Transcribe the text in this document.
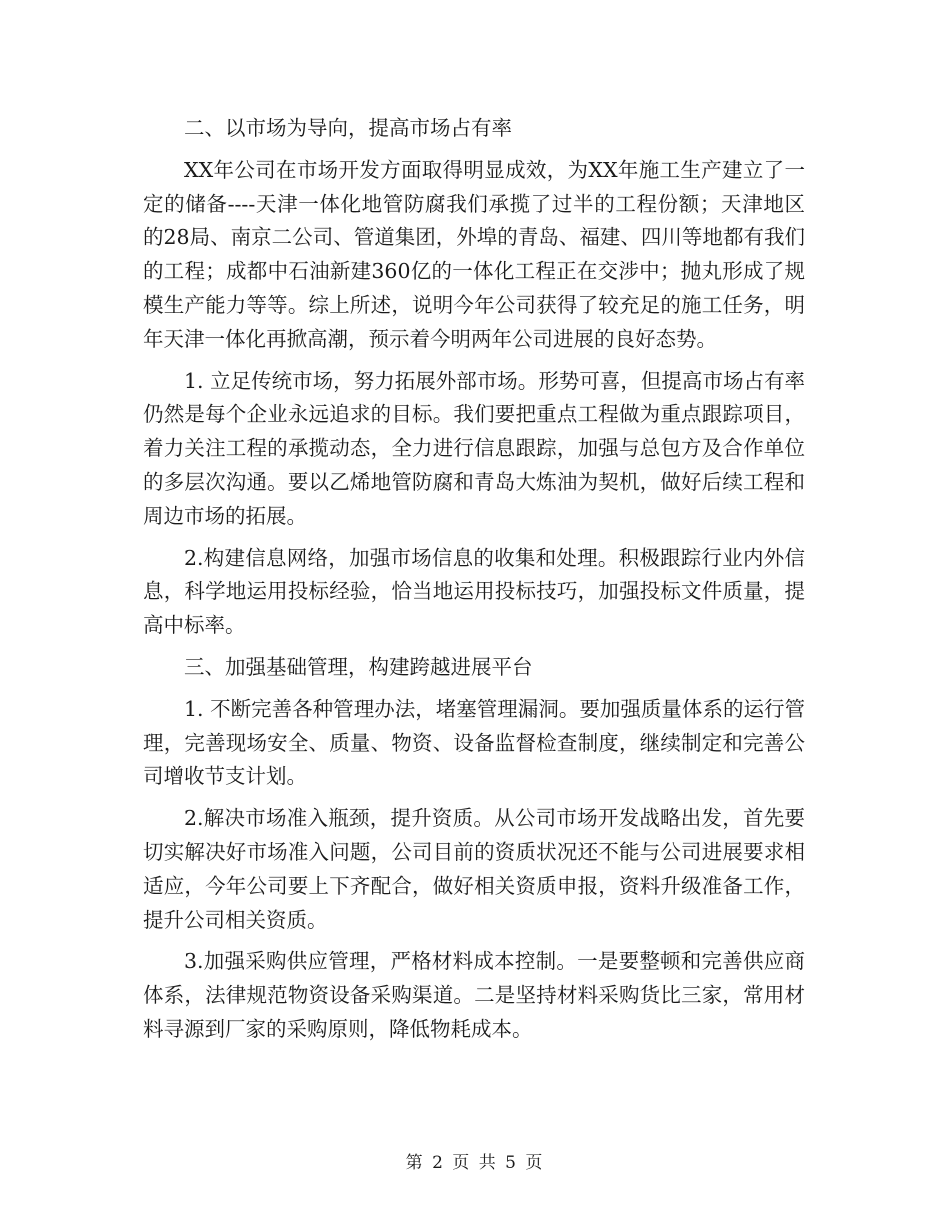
二、以市场为导向，提高市场占有率

XX年公司在市场开发方面取得明显成效，为XX年施工生产建立了一定的储备----天津一体化地管防腐我们承揽了过半的工程份额；天津地区的28局、南京二公司、管道集团，外埠的青岛、福建、四川等地都有我们的工程；成都中石油新建360亿的一体化工程正在交涉中；抛丸形成了规模生产能力等等。综上所述，说明今年公司获得了较充足的施工任务，明年天津一体化再掀高潮，预示着今明两年公司进展的良好态势。

1. 立足传统市场，努力拓展外部市场。形势可喜，但提高市场占有率仍然是每个企业永远追求的目标。我们要把重点工程做为重点跟踪项目，着力关注工程的承揽动态，全力进行信息跟踪，加强与总包方及合作单位的多层次沟通。要以乙烯地管防腐和青岛大炼油为契机，做好后续工程和周边市场的拓展。

2.构建信息网络，加强市场信息的收集和处理。积极跟踪行业内外信息，科学地运用投标经验，恰当地运用投标技巧，加强投标文件质量，提高中标率。

三、加强基础管理，构建跨越进展平台

1. 不断完善各种管理办法，堵塞管理漏洞。要加强质量体系的运行管理，完善现场安全、质量、物资、设备监督检查制度，继续制定和完善公司增收节支计划。

2.解决市场准入瓶颈，提升资质。从公司市场开发战略出发，首先要切实解决好市场准入问题，公司目前的资质状况还不能与公司进展要求相适应，今年公司要上下齐配合，做好相关资质申报，资料升级准备工作，提升公司相关资质。

3.加强采购供应管理，严格材料成本控制。一是要整顿和完善供应商体系，法律规范物资设备采购渠道。二是坚持材料采购货比三家，常用材料寻源到厂家的采购原则，降低物耗成本。

第 2 页 共 5 页
